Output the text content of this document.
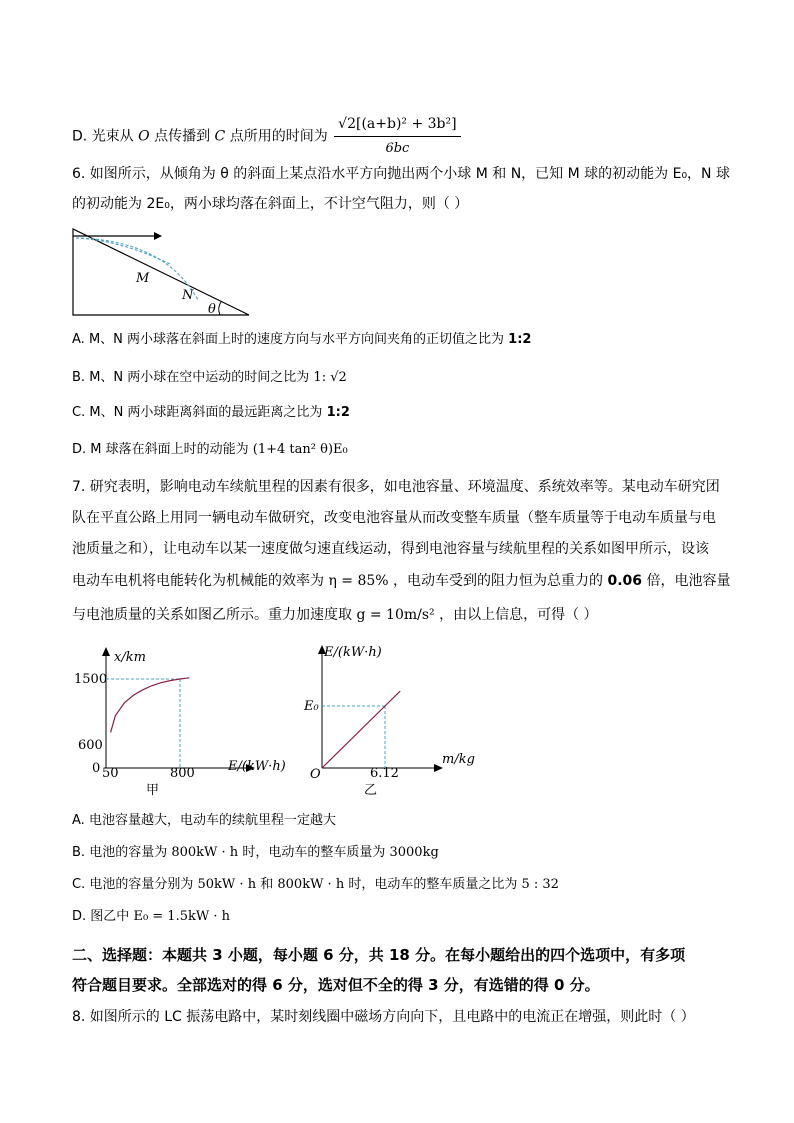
D. 光束从 O 点传播到 C 点所用的时间为 $\frac{\text{√2[(a+b)² + 3b²]}}{6bc}$
6. 如图所示，从倾角为 θ 的斜面上某点沿水平方向抛出两个小球 M 和 N，已知 M 球的初动能为 E₀，N 球
的初动能为 2E₀，两小球均落在斜面上，不计空气阻力，则（ ）
M
N
θ
A. M、N 两小球落在斜面上时的速度方向与水平方向间夹角的正切值之比为 1:2
B. M、N 两小球在空中运动的时间之比为 1: √2
C. M、N 两小球距离斜面的最远距离之比为 1:2
D. M 球落在斜面上时的动能为 (1+4 tan² θ)E₀
7. 研究表明，影响电动车续航里程的因素有很多，如电池容量、环境温度、系统效率等。某电动车研究团
队在平直公路上用同一辆电动车做研究，改变电池容量从而改变整车质量（整车质量等于电动车质量与电
池质量之和），让电动车以某一速度做匀速直线运动，得到电池容量与续航里程的关系如图甲所示，设该
电动车电机将电能转化为机械能的效率为 η = 85% ，电动车受到的阻力恒为总重力的 0.06 倍，电池容量
与电池质量的关系如图乙所示。重力加速度取 g = 10m/s² ，由以上信息，可得（ ）
x/km
E/(kW·h)
0 50	800
600
1500
甲
E/(kW·h)
m/kg
O
E₀
6.12
乙
A. 电池容量越大，电动车的续航里程一定越大
B. 电池的容量为 800kW · h 时，电动车的整车质量为 3000kg
C. 电池的容量分别为 50kW · h 和 800kW · h 时，电动车的整车质量之比为 5 : 32
D. 图乙中 E₀ = 1.5kW · h
二、选择题：本题共 3 小题，每小题 6 分，共 18 分。在每小题给出的四个选项中，有多项
符合题目要求。全部选对的得 6 分，选对但不全的得 3 分，有选错的得 0 分。
8. 如图所示的 LC 振荡电路中，某时刻线圈中磁场方向向下，且电路中的电流正在增强，则此时（ ）
